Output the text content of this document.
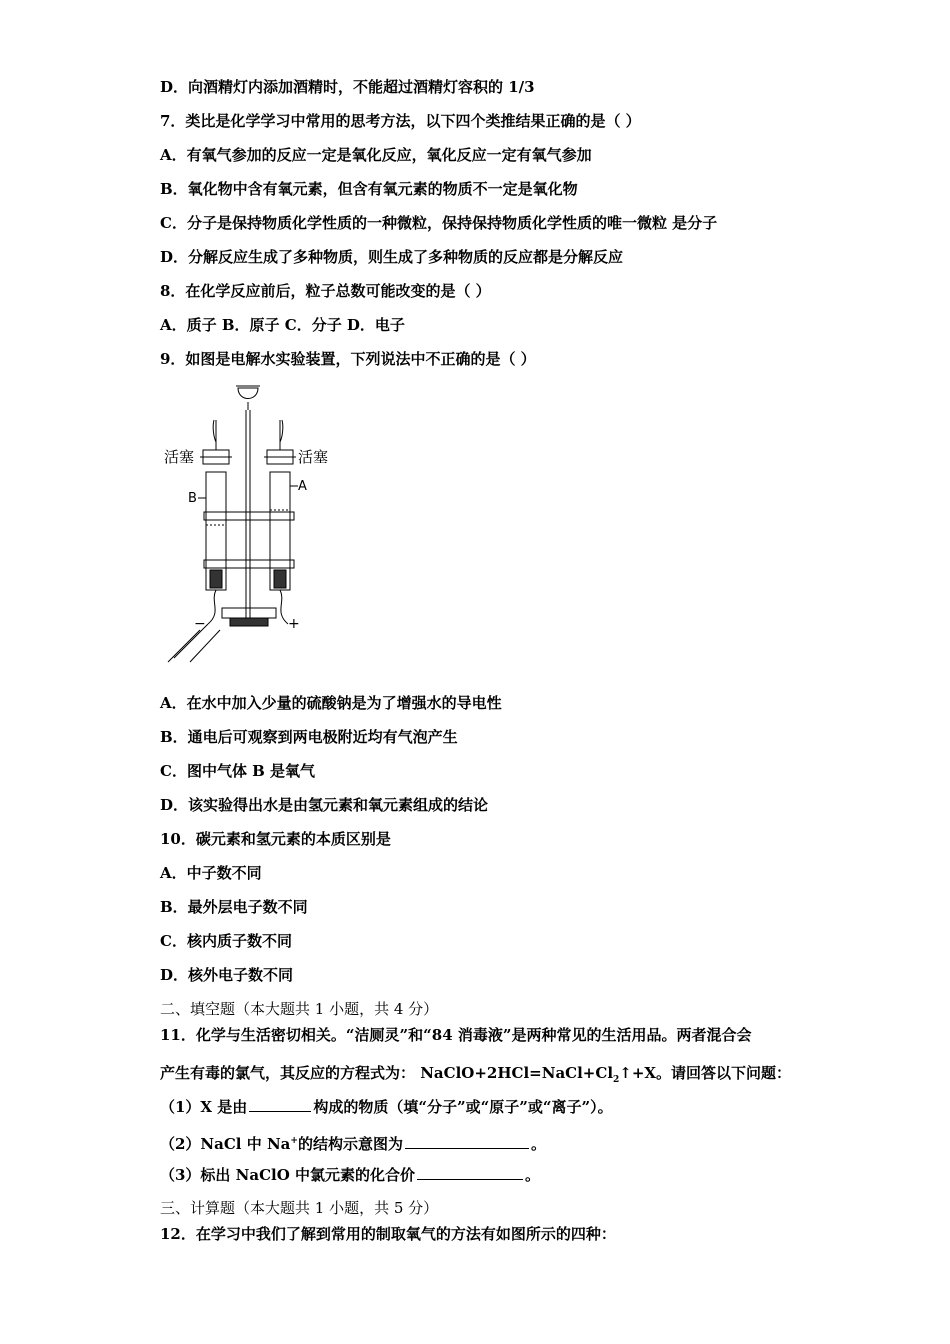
D．向酒精灯内添加酒精时，不能超过酒精灯容积的 1/3
7．类比是化学学习中常用的思考方法，以下四个类推结果正确的是（ ）
A．有氧气参加的反应一定是氧化反应，氧化反应一定有氧气参加
B．氧化物中含有氧元素，但含有氧元素的物质不一定是氧化物
C．分子是保持物质化学性质的一种微粒，保持保持物质化学性质的唯一微粒 是分子
D．分解反应生成了多种物质，则生成了多种物质的反应都是分解反应
8．在化学反应前后，粒子总数可能改变的是（ ）
A．质子 B．原子 C．分子 D．电子
9．如图是电解水实验装置，下列说法中不正确的是（ ）
活塞	活塞
B
A
−	+
A．在水中加入少量的硫酸钠是为了增强水的导电性
B．通电后可观察到两电极附近均有气泡产生
C．图中气体 B 是氧气
D．该实验得出水是由氢元素和氧元素组成的结论
10．碳元素和氢元素的本质区别是
A．中子数不同
B．最外层电子数不同
C．核内质子数不同
D．核外电子数不同
二、填空题（本大题共 1 小题，共 4 分）
11．化学与生活密切相关。“洁厕灵”和“84 消毒液”是两种常见的生活用品。两者混合会
产生有毒的氯气，其反应的方程式为： $NaClO+2HCl=NaCl+Cl_2↑+X$。请回答以下问题：
（1）X 是由	构成的物质（填“分子”或“原子”或“离子”）。
（2）NaCl 中 Na+的结构示意图为	。
（3）标出 NaClO 中氯元素的化合价	。
三、计算题（本大题共 1 小题，共 5 分）
12．在学习中我们了解到常用的制取氧气的方法有如图所示的四种：
